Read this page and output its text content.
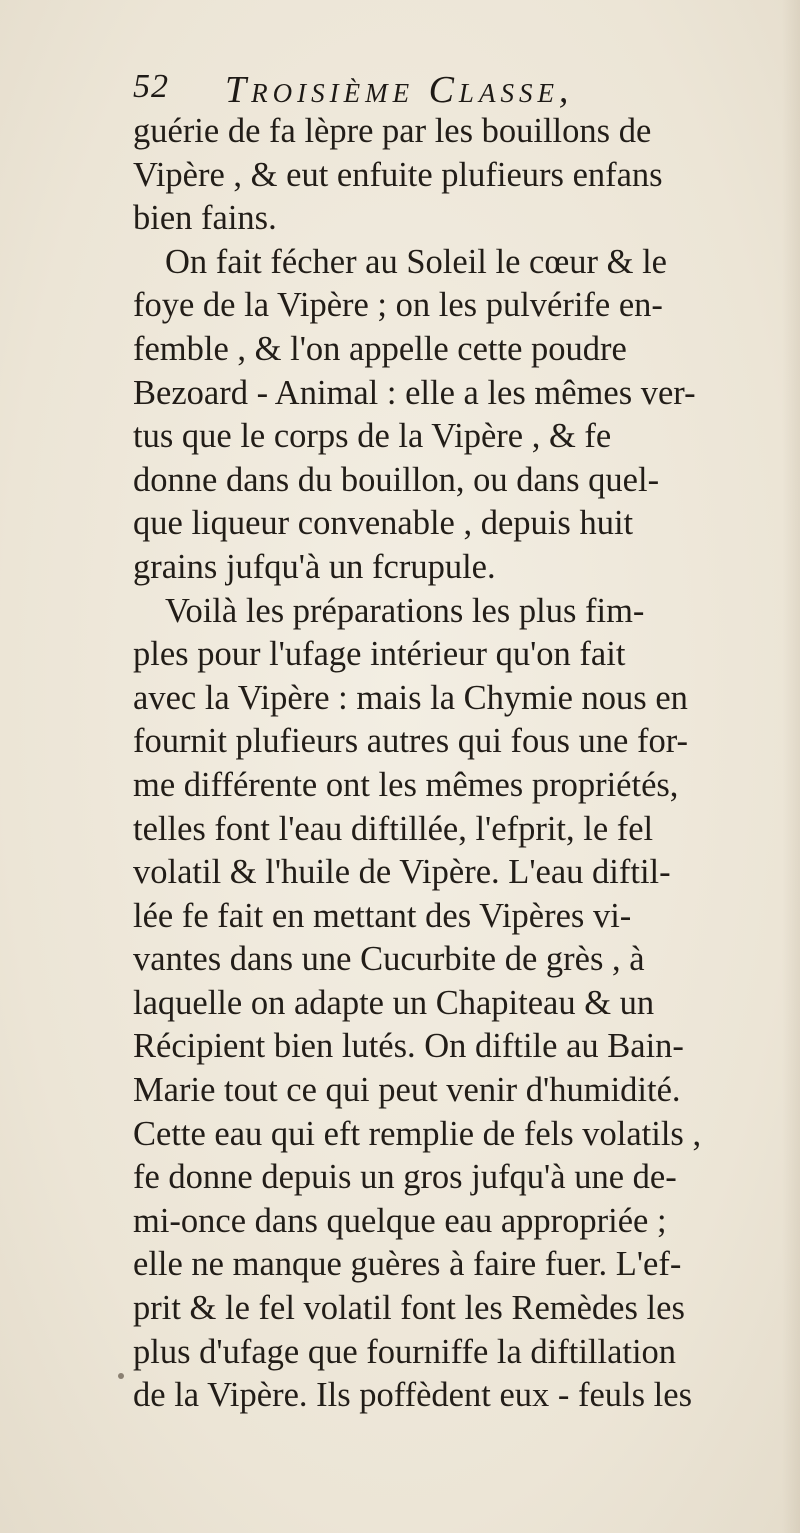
52 Troisième Classe,
guérie de fa lèpre par les bouillons de
Vipère , & eut enfuite plufieurs enfans
bien fains.
On fait fécher au Soleil le cœur & le
foye de la Vipère ; on les pulvérife en-
femble , & l'on appelle cette poudre
Bezoard - Animal : elle a les mêmes ver-
tus que le corps de la Vipère , & fe
donne dans du bouillon, ou dans quel-
que liqueur convenable , depuis huit
grains jufqu'à un fcrupule.
Voilà les préparations les plus fim-
ples pour l'ufage intérieur qu'on fait
avec la Vipère : mais la Chymie nous en
fournit plufieurs autres qui fous une for-
me différente ont les mêmes propriétés,
telles font l'eau diftillée, l'efprit, le fel
volatil & l'huile de Vipère. L'eau diftil-
lée fe fait en mettant des Vipères vi-
vantes dans une Cucurbite de grès , à
laquelle on adapte un Chapiteau & un
Récipient bien lutés. On diftile au Bain-
Marie tout ce qui peut venir d'humidité.
Cette eau qui eft remplie de fels volatils ,
fe donne depuis un gros jufqu'à une de-
mi-once dans quelque eau appropriée ;
elle ne manque guères à faire fuer. L'ef-
prit & le fel volatil font les Remèdes les
plus d'ufage que fourniffe la diftillation
de la Vipère. Ils poffèdent eux - feuls les
